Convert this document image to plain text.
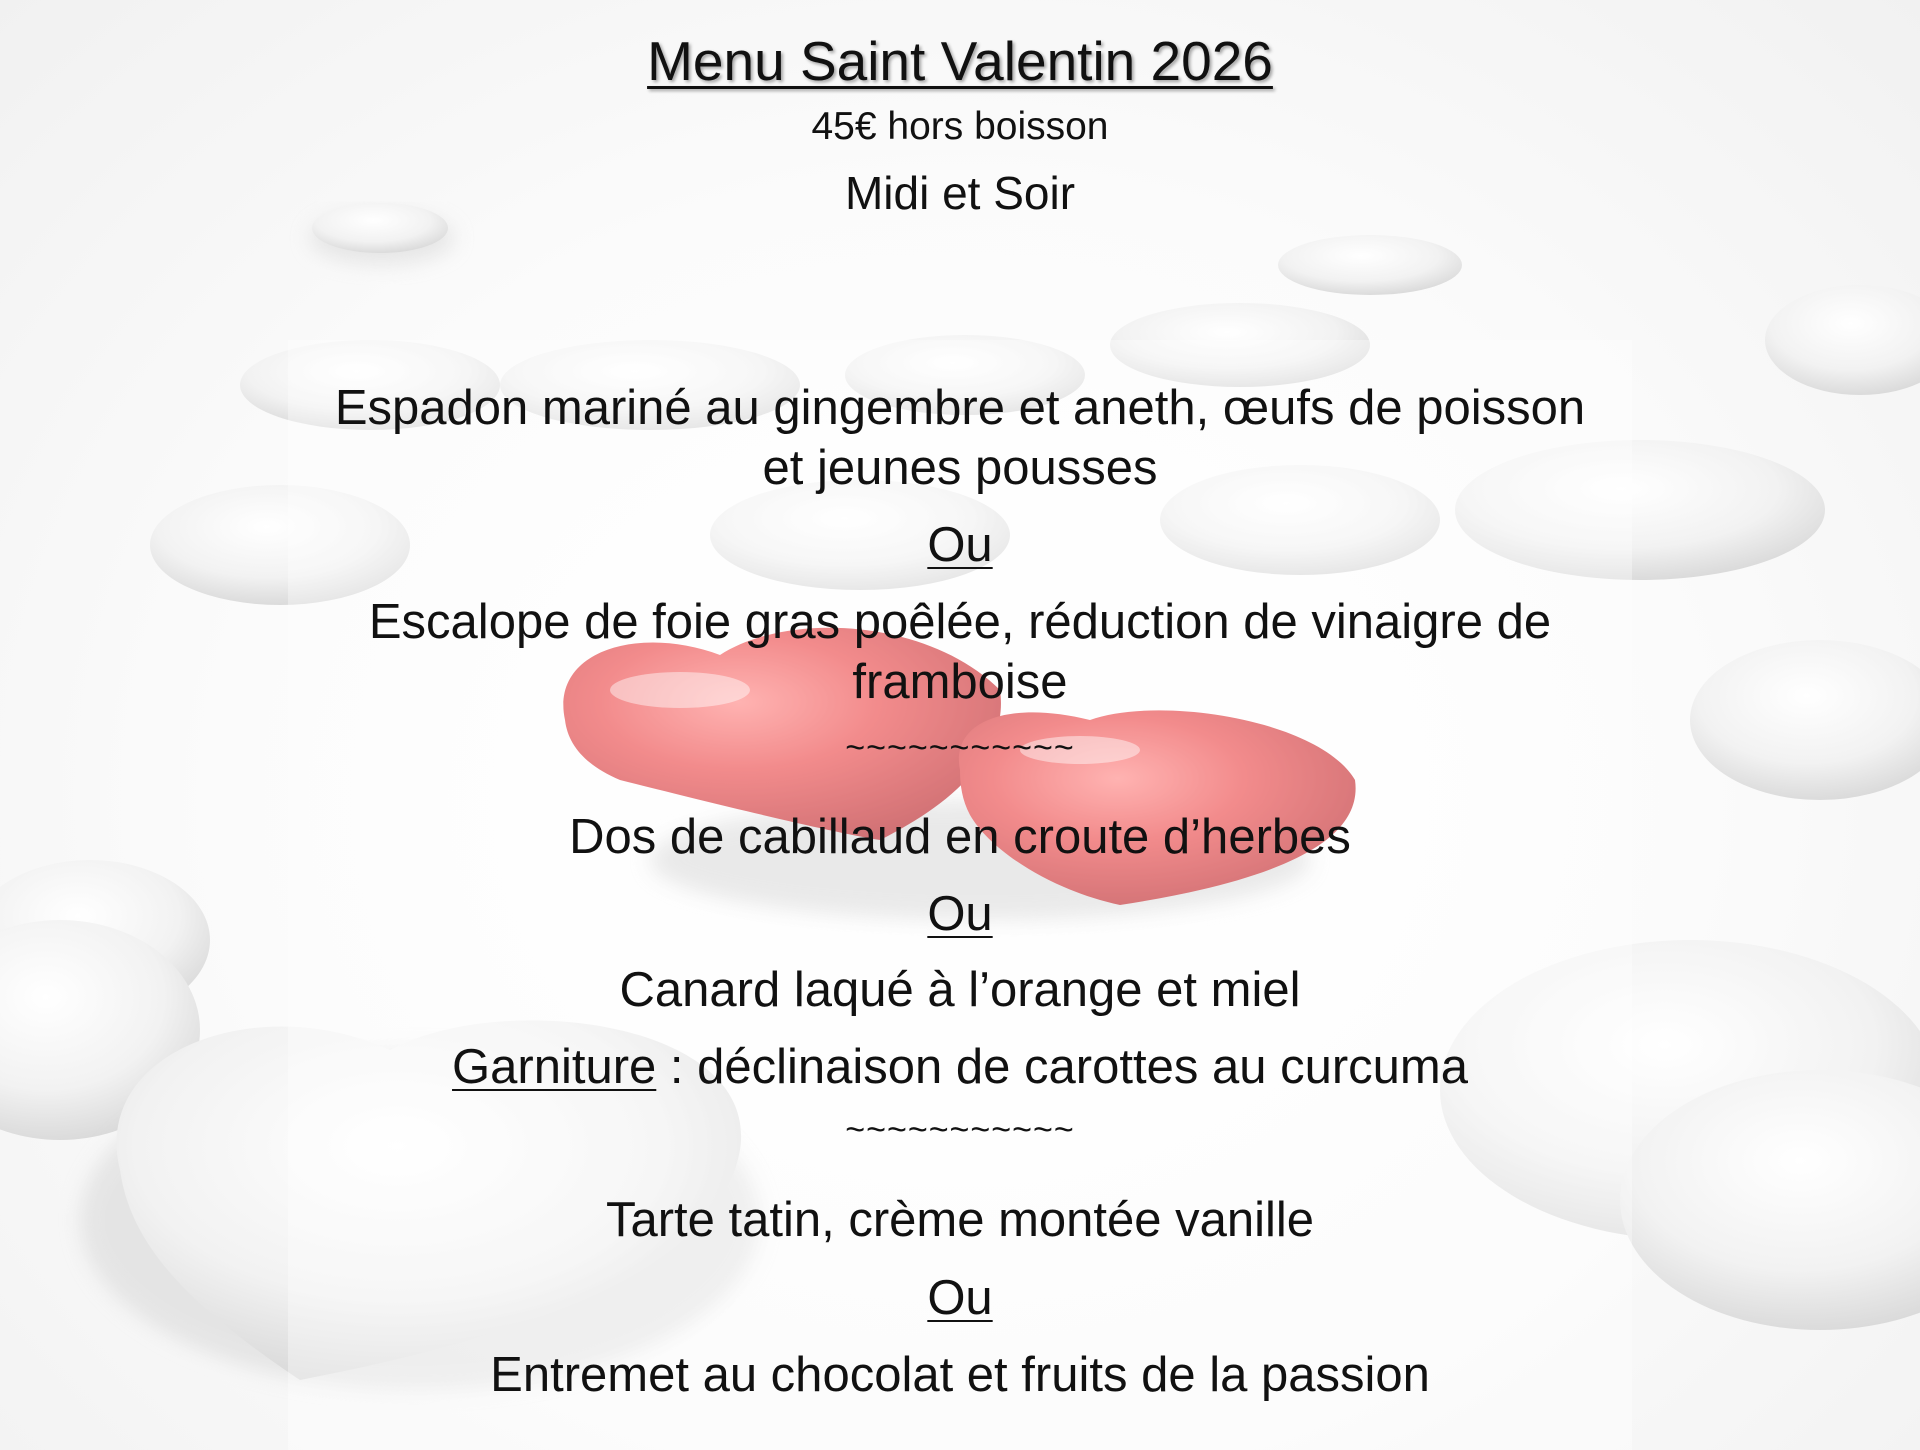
Menu Saint Valentin 2026
45€ hors boisson
Midi et Soir
Espadon mariné au gingembre et aneth, œufs de poisson et jeunes pousses
Ou
Escalope de foie gras poêlée, réduction de vinaigre de framboise
~~~~~~~~~~~
Dos de cabillaud en croute d’herbes
Ou
Canard laqué à l’orange et miel
Garniture : déclinaison de carottes au curcuma
~~~~~~~~~~~
Tarte tatin, crème montée vanille
Ou
Entremet au chocolat et fruits de la passion
